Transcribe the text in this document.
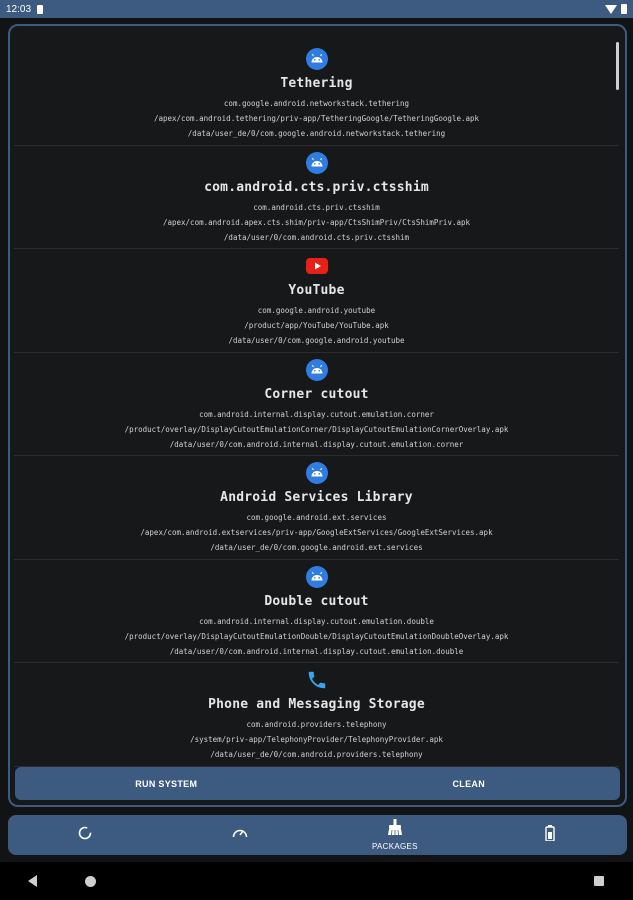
12:03
Tethering
com.google.android.networkstack.tethering
/apex/com.android.tethering/priv-app/TetheringGoogle/TetheringGoogle.apk
/data/user_de/0/com.google.android.networkstack.tethering
com.android.cts.priv.ctsshim
com.android.cts.priv.ctsshim
/apex/com.android.apex.cts.shim/priv-app/CtsShimPriv/CtsShimPriv.apk
/data/user/0/com.android.cts.priv.ctsshim
YouTube
com.google.android.youtube
/product/app/YouTube/YouTube.apk
/data/user/0/com.google.android.youtube
Corner cutout
com.android.internal.display.cutout.emulation.corner
/product/overlay/DisplayCutoutEmulationCorner/DisplayCutoutEmulationCornerOverlay.apk
/data/user/0/com.android.internal.display.cutout.emulation.corner
Android Services Library
com.google.android.ext.services
/apex/com.android.extservices/priv-app/GoogleExtServices/GoogleExtServices.apk
/data/user_de/0/com.google.android.ext.services
Double cutout
com.android.internal.display.cutout.emulation.double
/product/overlay/DisplayCutoutEmulationDouble/DisplayCutoutEmulationDoubleOverlay.apk
/data/user/0/com.android.internal.display.cutout.emulation.double
Phone and Messaging Storage
com.android.providers.telephony
/system/priv-app/TelephonyProvider/TelephonyProvider.apk
/data/user_de/0/com.android.providers.telephony
RUN SYSTEM	CLEAN
PACKAGES
